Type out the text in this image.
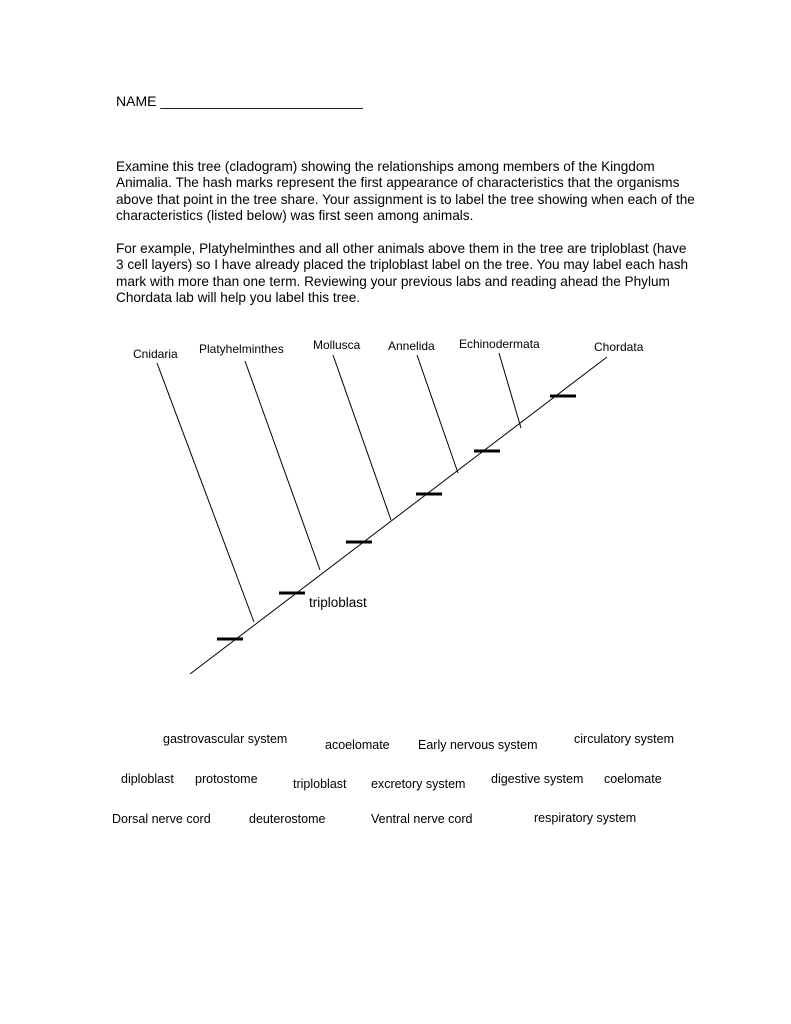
NAME __________________________

Examine this tree (cladogram) showing the relationships among members of the Kingdom Animalia. The hash marks represent the first appearance of characteristics that the organisms above that point in the tree share. Your assignment is to label the tree showing when each of the characteristics (listed below) was first seen among animals.

For example, Platyhelminthes and all other animals above them in the tree are triploblast (have 3 cell layers) so I have already placed the triploblast label on the tree. You may label each hash mark with more than one term. Reviewing your previous labs and reading ahead the Phylum Chordata lab will help you label this tree.

Cnidaria Platyhelminthes Mollusca Annelida Echinodermata	Chordata
triploblast
gastrovascular system	acoelomate Early nervous system	circulatory system
diploblast protostome	triploblast excretory system digestive system coelomate
Dorsal nerve cord	deuterostome	Ventral nerve cord	respiratory system
